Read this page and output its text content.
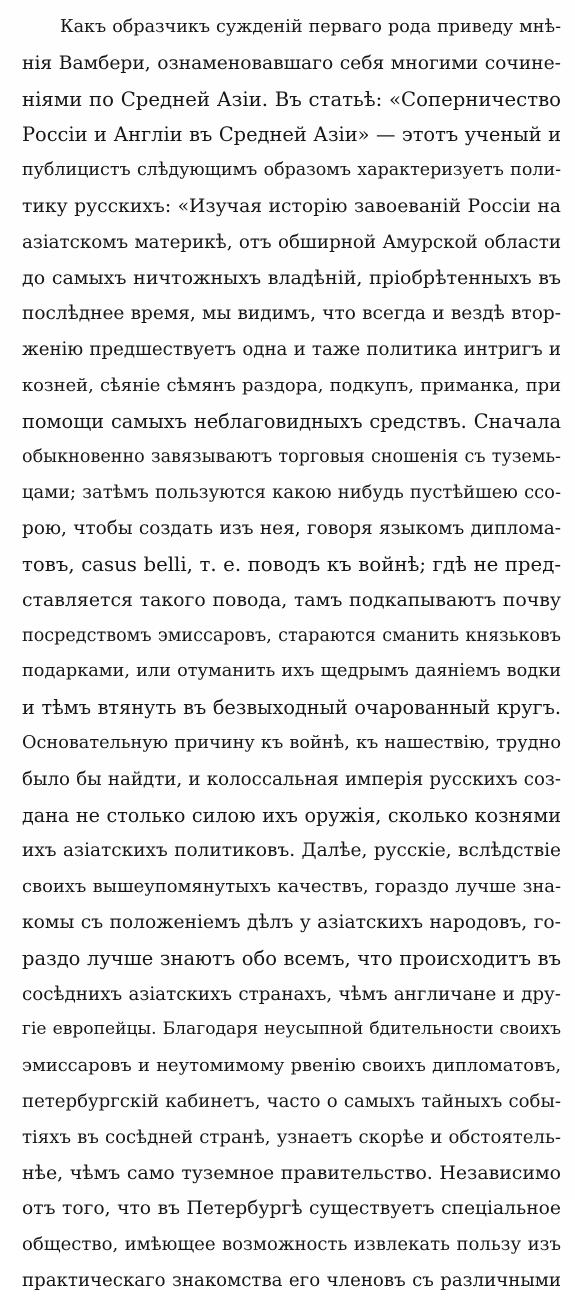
Какъ образчикъ сужденій перваго рода приведу мнѣ-
нія Вамбери, ознаменовавшаго себя многими сочине-
ніями по Средней Азіи. Въ статьѣ: «Соперничество
Россіи и Англіи въ Средней Азіи» — этотъ ученый и
публицистъ слѣдующимъ образомъ характеризуетъ поли-
тику русскихъ: «Изучая исторію завоеваній Россіи на
азіатскомъ материкѣ, отъ обширной Амурской области
до самыхъ ничтожныхъ владѣній, пріобрѣтенныхъ въ
послѣднее время, мы видимъ, что всегда и вездѣ втор-
женію предшествуетъ одна и таже политика интригъ и
козней, сѣяніе сѣмянъ раздора, подкупъ, приманка, при
помощи самыхъ неблаговидныхъ средствъ. Сначала
обыкновенно завязываютъ торговыя сношенія съ туземь-
цами; затѣмъ пользуются какою нибудь пустѣйшею ссо-
рою, чтобы создать изъ нея, говоря языкомъ диплома-
товъ, casus belli, т. е. поводъ къ войнѣ; гдѣ не пред-
ставляется такого повода, тамъ подкапываютъ почву
посредствомъ эмиссаровъ, стараются сманить князьковъ
подарками, или отуманить ихъ щедрымъ даяніемъ водки
и тѣмъ втянуть въ безвыходный очарованный кругъ.
Основательную причину къ войнѣ, къ нашествію, трудно
было бы найдти, и колоссальная имперія русскихъ соз-
дана не столько силою ихъ оружія, сколько кознями
ихъ азіатскихъ политиковъ. Далѣе, русскіе, вслѣдствіе
своихъ вышеупомянутыхъ качествъ, гораздо лучше зна-
комы съ положеніемъ дѣлъ у азіатскихъ народовъ, го-
раздо лучше знаютъ обо всемъ, что происходитъ въ
сосѣднихъ азіатскихъ странахъ, чѣмъ англичане и дру-
гіе европейцы. Благодаря неусыпной бдительности своихъ
эмиссаровъ и неутомимому рвенію своихъ дипломатовъ,
петербургскій кабинетъ, часто о самыхъ тайныхъ собы-
тіяхъ въ сосѣдней странѣ, узнаетъ скорѣе и обстоятель-
нѣе, чѣмъ само туземное правительство. Независимо
отъ того, что въ Петербургѣ существуетъ спеціальное
общество, имѣющее возможность извлекать пользу изъ
практическаго знакомства его членовъ съ различными
